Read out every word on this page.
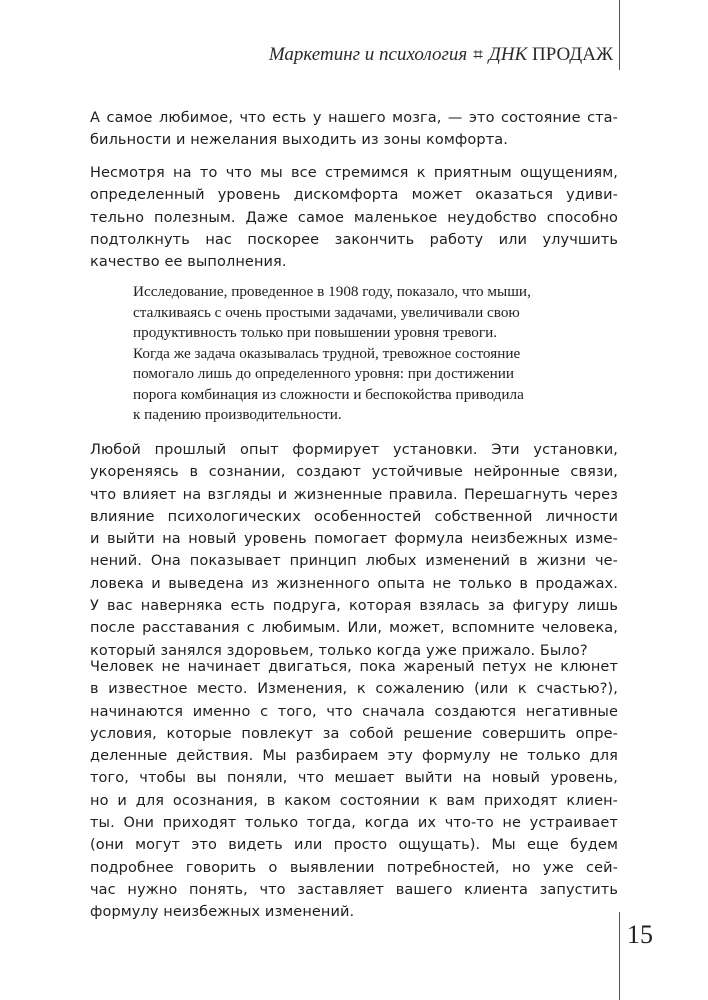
Маркетинг и психология ⌗ ДНК ПРОДАЖ

А самое любимое, что есть у нашего мозга, — это состояние ста-
бильности и нежелания выходить из зоны комфорта.

Несмотря на то что мы все стремимся к приятным ощущениям,
определенный уровень дискомфорта может оказаться удиви-
тельно полезным. Даже самое маленькое неудобство способно
подтолкнуть нас поскорее закончить работу или улучшить
качество ее выполнения.

Исследование, проведенное в 1908 году, показало, что мыши,
сталкиваясь с очень простыми задачами, увеличивали свою
продуктивность только при повышении уровня тревоги.
Когда же задача оказывалась трудной, тревожное состояние
помогало лишь до определенного уровня: при достижении
порога комбинация из сложности и беспокойства приводила
к падению производительности.

Любой прошлый опыт формирует установки. Эти установки,
укореняясь в сознании, создают устойчивые нейронные связи,
что влияет на взгляды и жизненные правила. Перешагнуть через
влияние психологических особенностей собственной личности
и выйти на новый уровень помогает формула неизбежных изме-
нений. Она показывает принцип любых изменений в жизни че-
ловека и выведена из жизненного опыта не только в продажах.
У вас наверняка есть подруга, которая взялась за фигуру лишь
после расставания с любимым. Или, может, вспомните человека,
который занялся здоровьем, только когда уже прижало. Было?

Человек не начинает двигаться, пока жареный петух не клюнет
в известное место. Изменения, к сожалению (или к счастью?),
начинаются именно с того, что сначала создаются негативные
условия, которые повлекут за собой решение совершить опре-
деленные действия. Мы разбираем эту формулу не только для
того, чтобы вы поняли, что мешает выйти на новый уровень,
но и для осознания, в каком состоянии к вам приходят клиен-
ты. Они приходят только тогда, когда их что-то не устраивает
(они могут это видеть или просто ощущать). Мы еще будем
подробнее говорить о выявлении потребностей, но уже сей-
час нужно понять, что заставляет вашего клиента запустить
формулу неизбежных изменений.

15
